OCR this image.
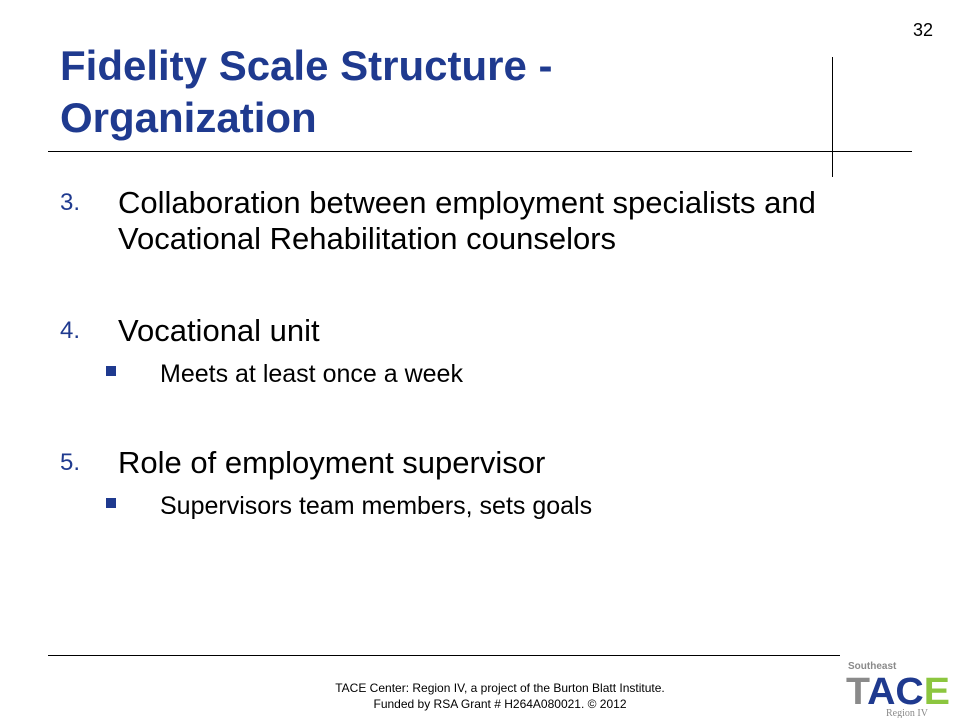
32
Fidelity Scale Structure -
Organization
3.	Collaboration between employment specialists and Vocational Rehabilitation counselors
4.	Vocational unit
Meets at least once a week
5.	Role of employment supervisor
Supervisors team members, sets goals
TACE Center: Region IV, a project of the Burton Blatt Institute.
Funded by RSA Grant # H264A080021. © 2012
Southeast
TACE
Region IV
